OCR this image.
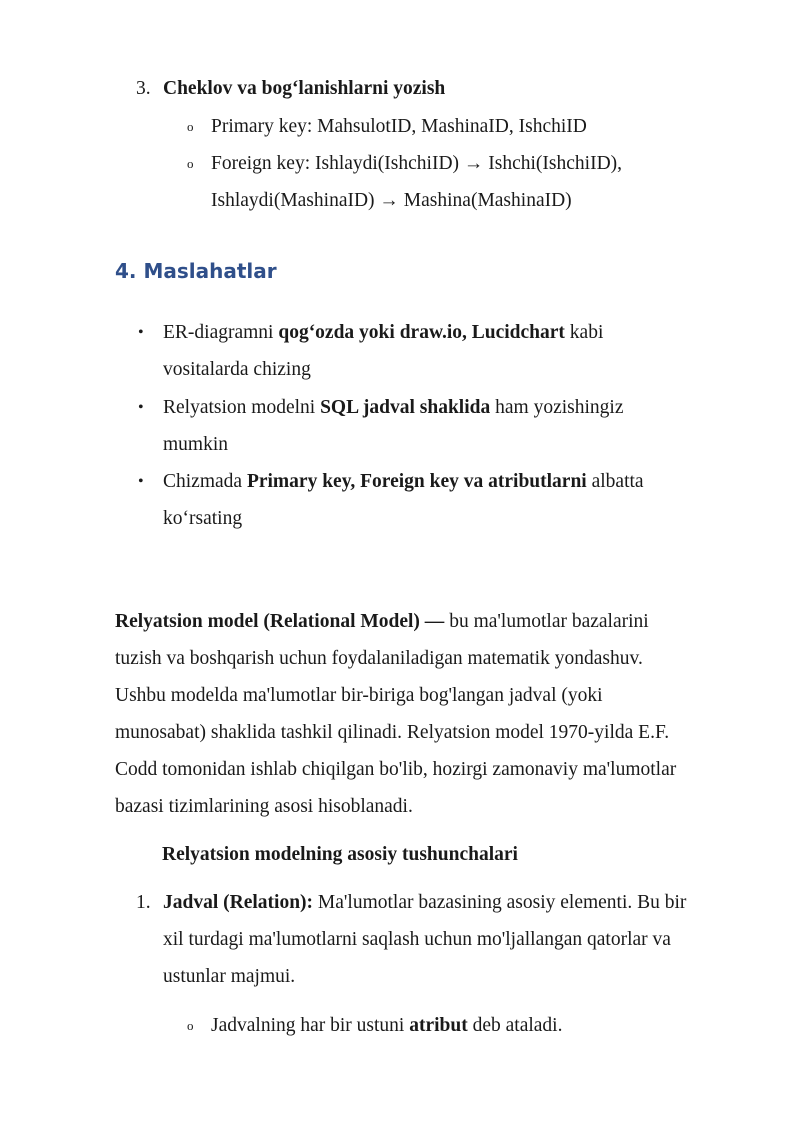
3. Cheklov va bog‘lanishlarni yozish
o Primary key: MahsulotID, MashinaID, IshchiID
o Foreign key: Ishlaydi(IshchiID) → Ishchi(IshchiID),
Ishlaydi(MashinaID) → Mashina(MashinaID)
4. Maslahatlar
• ER-diagramni qog‘ozda yoki draw.io, Lucidchart kabi
vositalarda chizing
• Relyatsion modelni SQL jadval shaklida ham yozishingiz
mumkin
• Chizmada Primary key, Foreign key va atributlarni albatta
ko‘rsating
Relyatsion model (Relational Model) — bu ma'lumotlar bazalarini
tuzish va boshqarish uchun foydalaniladigan matematik yondashuv.
Ushbu modelda ma'lumotlar bir-biriga bog'langan jadval (yoki
munosabat) shaklida tashkil qilinadi. Relyatsion model 1970-yilda E.F.
Codd tomonidan ishlab chiqilgan bo'lib, hozirgi zamonaviy ma'lumotlar
bazasi tizimlarining asosi hisoblanadi.
Relyatsion modelning asosiy tushunchalari
1. Jadval (Relation): Ma'lumotlar bazasining asosiy elementi. Bu bir
xil turdagi ma'lumotlarni saqlash uchun mo'ljallangan qatorlar va
ustunlar majmui.
o Jadvalning har bir ustuni atribut deb ataladi.
